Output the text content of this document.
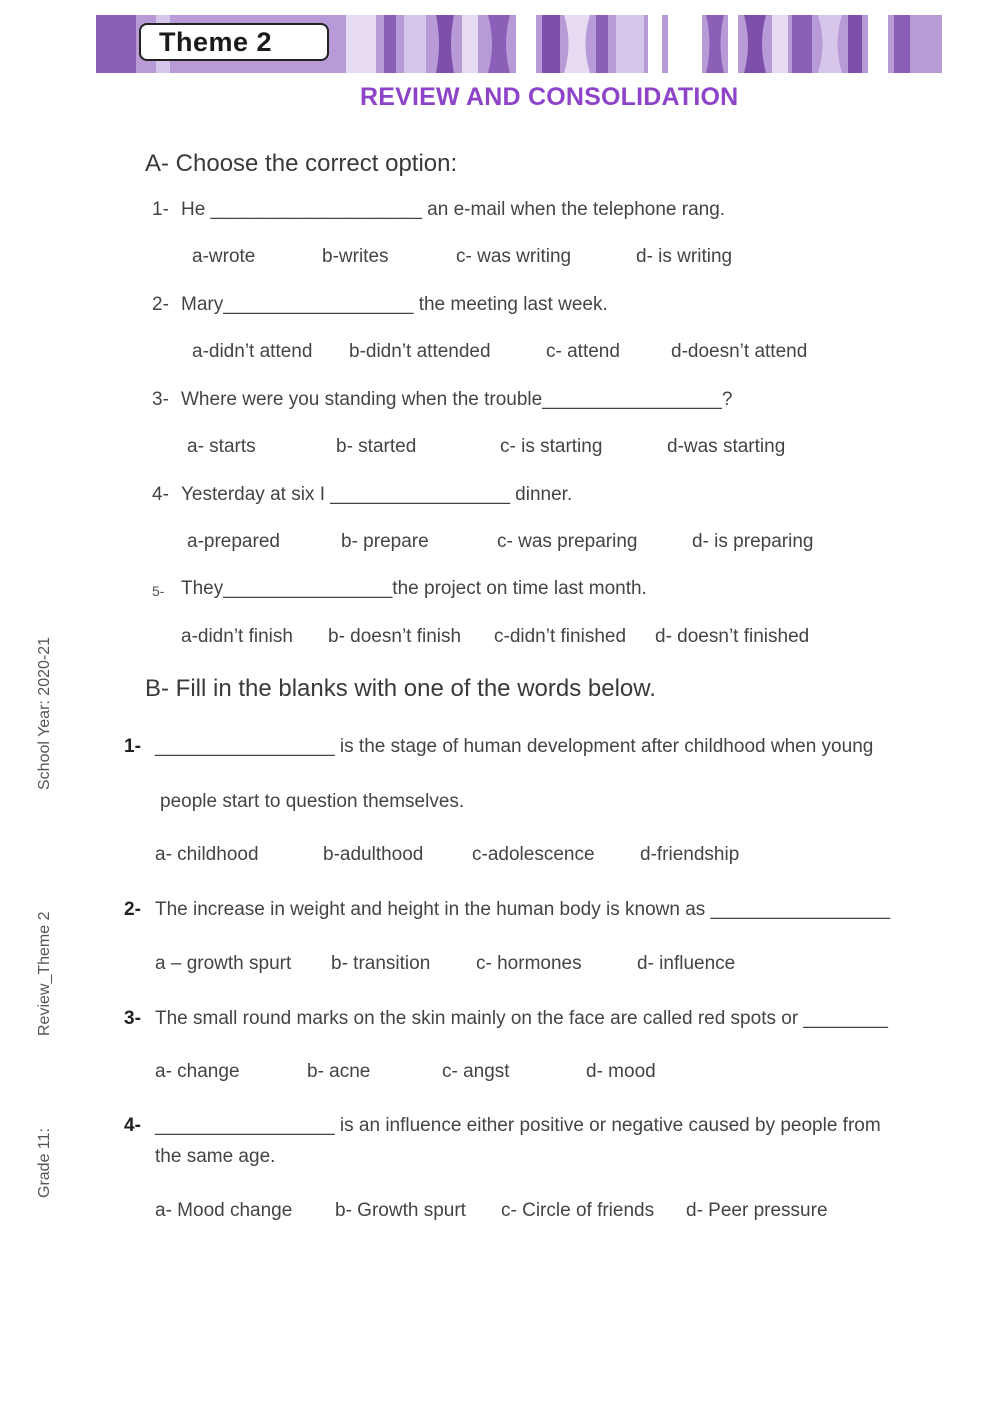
Theme 2
REVIEW AND CONSOLIDATION
School Year: 2020-21
Review_Theme 2
Grade 11:
A- Choose the correct option:
1- He ____________________ an e-mail when the telephone rang.
a-wrote	b-writes	c- was writing	d- is writing
2- Mary__________________ the meeting last week.
a-didn’t attend b-didn’t attended	c- attend	d-doesn’t attend
3- Where were you standing when the trouble_________________?
a- starts	b- started	c- is starting	d-was starting
4- Yesterday at six I _________________ dinner.
a-prepared	b- prepare	c- was preparing	d- is preparing
5- They________________the project on time last month.
a-didn’t finish b- doesn’t finish c-didn’t finished d- doesn’t finished
B- Fill in the blanks with one of the words below.
1- _________________ is the stage of human development after childhood when young
people start to question themselves.
a- childhood	b-adulthood	c-adolescence d-friendship
2- The increase in weight and height in the human body is known as _________________
a – growth spurt b- transition c- hormones	d- influence
3- The small round marks on the skin mainly on the face are called red spots or ________
a- change	b- acne	c- angst	d- mood
4- _________________ is an influence either positive or negative caused by people from
the same age.
a- Mood change b- Growth spurt c- Circle of friends d- Peer pressure
